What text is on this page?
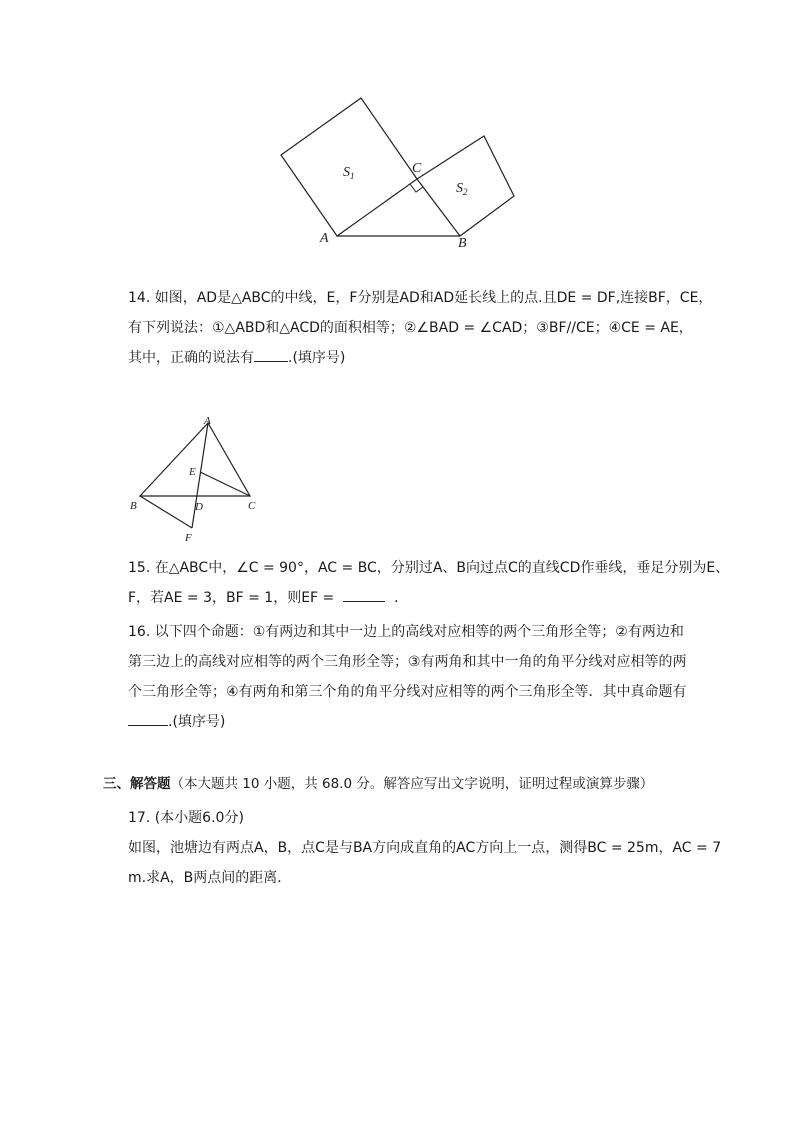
$S_1$
$S_2$
C
A	B
14. 如图，AD是△ABC的中线，E，F分别是AD和AD延长线上的点.且DE = DF,连接BF，CE，
有下列说法：①△ABD和△ACD的面积相等；②∠BAD = ∠CAD；③BF//CE；④CE = AE，
其中，正确的说法有 .(填序号)
A
E
B	D	C
F
15. 在△ABC中，∠C = 90°，AC = BC，分别过A、B向过点C的直线CD作垂线，垂足分别为E、
F，若AE = 3，BF = 1，则EF =	.
16. 以下四个命题：①有两边和其中一边上的高线对应相等的两个三角形全等；②有两边和
第三边上的高线对应相等的两个三角形全等；③有两角和其中一角的角平分线对应相等的两
个三角形全等；④有两角和第三个角的角平分线对应相等的两个三角形全等．其中真命题有
.(填序号)
三、解答题（本大题共 10 小题，共 68.0 分。解答应写出文字说明，证明过程或演算步骤）
17. (本小题6.0分)
如图，池塘边有两点A，B，点C是与BA方向成直角的AC方向上一点，测得BC = 25m，AC = 7
m.求A，B两点间的距离．
